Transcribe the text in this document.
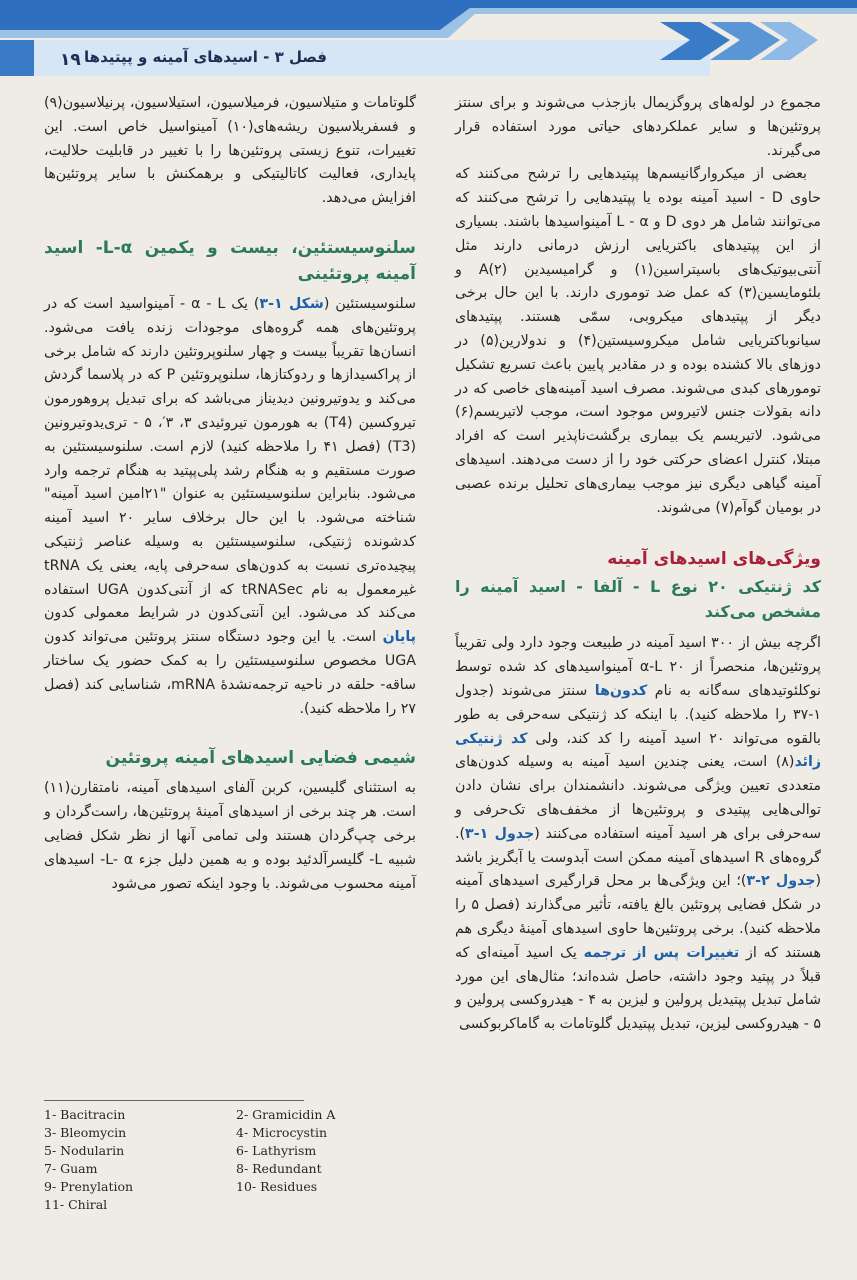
فصل ۳ - اسیدهای آمینه و پپتیدها
۱۹

مجموع در لوله‌های پروگزیمال بازجذب می‌شوند و برای سنتز پروتئین‌ها و سایر عملکردهای حیاتی مورد استفاده قرار می‌گیرند.

بعضی از میکروارگانیسم‌ها پپتیدهایی را ترشح می‌کنند که حاوی D - اسید آمینه بوده یا پپتیدهایی را ترشح می‌کنند که می‌توانند شامل هر دوی D و L - α آمینواسیدها باشند. بسیاری از این پپتیدهای باکتریایی ارزش درمانی دارند مثل آنتی‌بیوتیک‌های باسیتراسین(۱) و گرامیسیدین A(۲) و بلئومایسین(۳) که عمل ضد توموری دارند. با این حال برخی دیگر از پپتیدهای میکروبی، سمّی هستند. پپتیدهای سیانوباکتریایی شامل میکروسیستین(۴) و ندولارین(۵) در دوزهای بالا کشنده بوده و در مقادیر پایین باعث تسریع تشکیل تومورهای کبدی می‌شوند. مصرف اسید آمینه‌های خاصی که در دانه بقولات جنس لاتیروس موجود است، موجب لاتیریسم(۶) می‌شود. لاتیریسم یک بیماری برگشت‌ناپذیر است که افراد مبتلا، کنترل اعضای حرکتی خود را از دست می‌دهند. اسیدهای آمینه گیاهی دیگری نیز موجب بیماری‌های تحلیل برنده عصبی در بومیان گوآم(۷) می‌شوند.

ویژگی‌های اسیدهای آمینه
کد ژنتیکی ۲۰ نوع L - آلفا - اسید آمینه را مشخص می‌کند

اگرچه بیش از ۳۰۰ اسید آمینه در طبیعت وجود دارد ولی تقریباً پروتئین‌ها، منحصراً از ۲۰ α-L آمینواسیدهای کد شده توسط نوکلئوتیدهای سه‌گانه به نام کدون‌ها سنتز می‌شوند (جدول ۱-۳۷ را ملاحظه کنید). با اینکه کد ژنتیکی سه‌حرفی به طور بالقوه می‌تواند ۲۰ اسید آمینه را کد کند، ولی کد ژنتیکی زائد(۸) است، یعنی چندین اسید آمینه به وسیله کدون‌های متعددی تعیین ویژگی می‌شوند. دانشمندان برای نشان دادن توالی‌هایی پپتیدی و پروتئین‌ها از مخفف‌های تک‌حرفی و سه‌حرفی برای هر اسید آمینه استفاده می‌کنند (جدول ۱-۳). گروه‌های R اسیدهای آمینه ممکن است آبدوست یا آبگریز باشد (جدول ۲-۳)؛ این ویژگی‌ها بر محل قرارگیری اسیدهای آمینه در شکل فضایی پروتئین بالغ یافته، تأثیر می‌گذارند (فصل ۵ را ملاحظه کنید). برخی پروتئین‌ها حاوی اسیدهای آمینهٔ دیگری هم هستند که از تغییرات پس از ترجمه یک اسید آمینه‌ای که قبلاً در پپتید وجود داشته، حاصل شده‌اند؛ مثال‌های این مورد شامل تبدیل پپتیدیل پرولین و لیزین به ۴ - هیدروکسی پرولین و ۵ - هیدروکسی لیزین، تبدیل پپتیدیل گلوتامات به گاماکربوکسی

گلوتامات و متیلاسیون، فرمیلاسیون، استیلاسیون، پرنیلاسیون(۹) و فسفریلاسیون ریشه‌های(۱۰) آمینواسیل خاص است. این تغییرات، تنوع زیستی پروتئین‌ها را با تغییر در قابلیت حلالیت، پایداری، فعالیت کاتالیتیکی و برهمکنش با سایر پروتئین‌ها افزایش می‌دهد.

سلنوسیستئین، بیست و یکمین L-α- اسید آمینه پروتئینی

سلنوسیستئین (شکل ۱-۳) یک α - L - آمینواسید است که در پروتئین‌های همه گروه‌های موجودات زنده یافت می‌شود. انسان‌ها تقریباً بیست و چهار سلنوپروتئین دارند که شامل برخی از پراکسیدازها و ردوکتازها، سلنوپروتئین P که در پلاسما گردش می‌کند و یدوتیرونین دیدیناز می‌باشد که برای تبدیل پروهورمون تیروکسین (T4) به هورمون تیروئیدی ۳، ۳′، ۵ - تری‌یدوتیرونین (T3) (فصل ۴۱ را ملاحظه کنید) لازم است. سلنوسیستئین به صورت مستقیم و به هنگام رشد پلی‌پپتید به هنگام ترجمه وارد می‌شود. بنابراین سلنوسیستئین به عنوان "۲۱امین اسید آمینه" شناخته می‌شود. با این حال برخلاف سایر ۲۰ اسید آمینه کدشونده ژنتیکی، سلنوسیستئین به وسیله عناصر ژنتیکی پیچیده‌تری نسبت به کدون‌های سه‌حرفی پایه، یعنی یک tRNA غیرمعمول به نام tRNASec که از آنتی‌کدون UGA استفاده می‌کند کد می‌شود. این آنتی‌کدون در شرایط معمولی کدون پایان است. یا این وجود دستگاه سنتز پروتئین می‌تواند کدون UGA مخصوص سلنوسیستئین را به کمک حضور یک ساختار ساقه- حلقه در ناحیه ترجمه‌نشدهٔ mRNA، شناسایی کند (فصل ۲۷ را ملاحظه کنید).

شیمی فضایی اسیدهای آمینه پروتئین

به استثنای گلیسین، کربن آلفای اسیدهای آمینه، نامتقارن(۱۱) است. هر چند برخی از اسیدهای آمینهٔ پروتئین‌ها، راست‌گردان و برخی چپ‌گردان هستند ولی تمامی آنها از نظر شکل فضایی شبیه L- گلیسرآلدئید بوده و به همین دلیل جزء L- α- اسیدهای آمینه محسوب می‌شوند. با وجود اینکه تصور می‌شود

1- Bacitracin	2- Gramicidin A
3- Bleomycin	4- Microcystin
5- Nodularin	6- Lathyrism
7- Guam	8- Redundant
9- Prenylation	10- Residues
11- Chiral
